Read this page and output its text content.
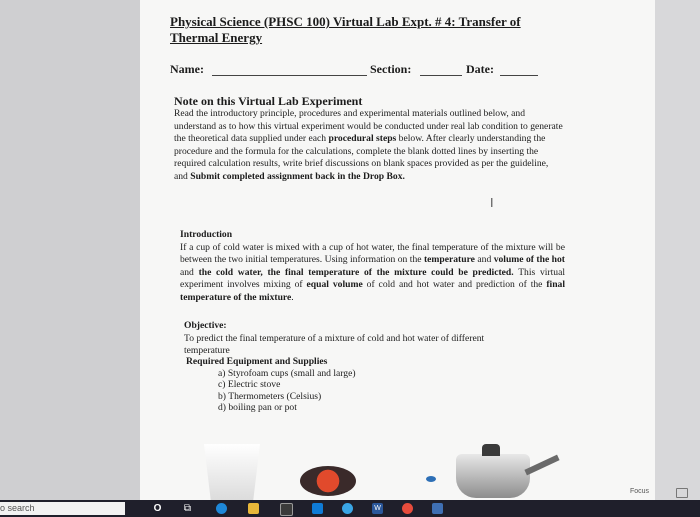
Physical Science (PHSC 100) Virtual Lab Expt. # 4: Transfer of
Thermal Energy
Name:	Section:	Date:
Note on this Virtual Lab Experiment
Read the introductory principle, procedures and experimental materials outlined below, and understand as to how this virtual experiment would be conducted under real lab condition to generate the theoretical data supplied under each procedural steps below. After clearly understanding the procedure and the formula for the calculations, complete the blank dotted lines by inserting the required calculation results, write brief discussions on blank spaces provided as per the guideline, and Submit completed assignment back in the Drop Box.
I
Introduction
If a cup of cold water is mixed with a cup of hot water, the final temperature of the mixture will be between the two initial temperatures. Using information on the temperature and volume of the hot and the cold water, the final temperature of the mixture could be predicted. This virtual experiment involves mixing of equal volume of cold and hot water and prediction of the final temperature of the mixture.
Objective:
To predict the final temperature of a mixture of cold and hot water of different temperature
Required Equipment and Supplies
a) Styrofoam cups (small and large)
c) Electric stove
b) Thermometers (Celsius)
d) boiling pan or pot
Focus
o search	O ⧉	W
